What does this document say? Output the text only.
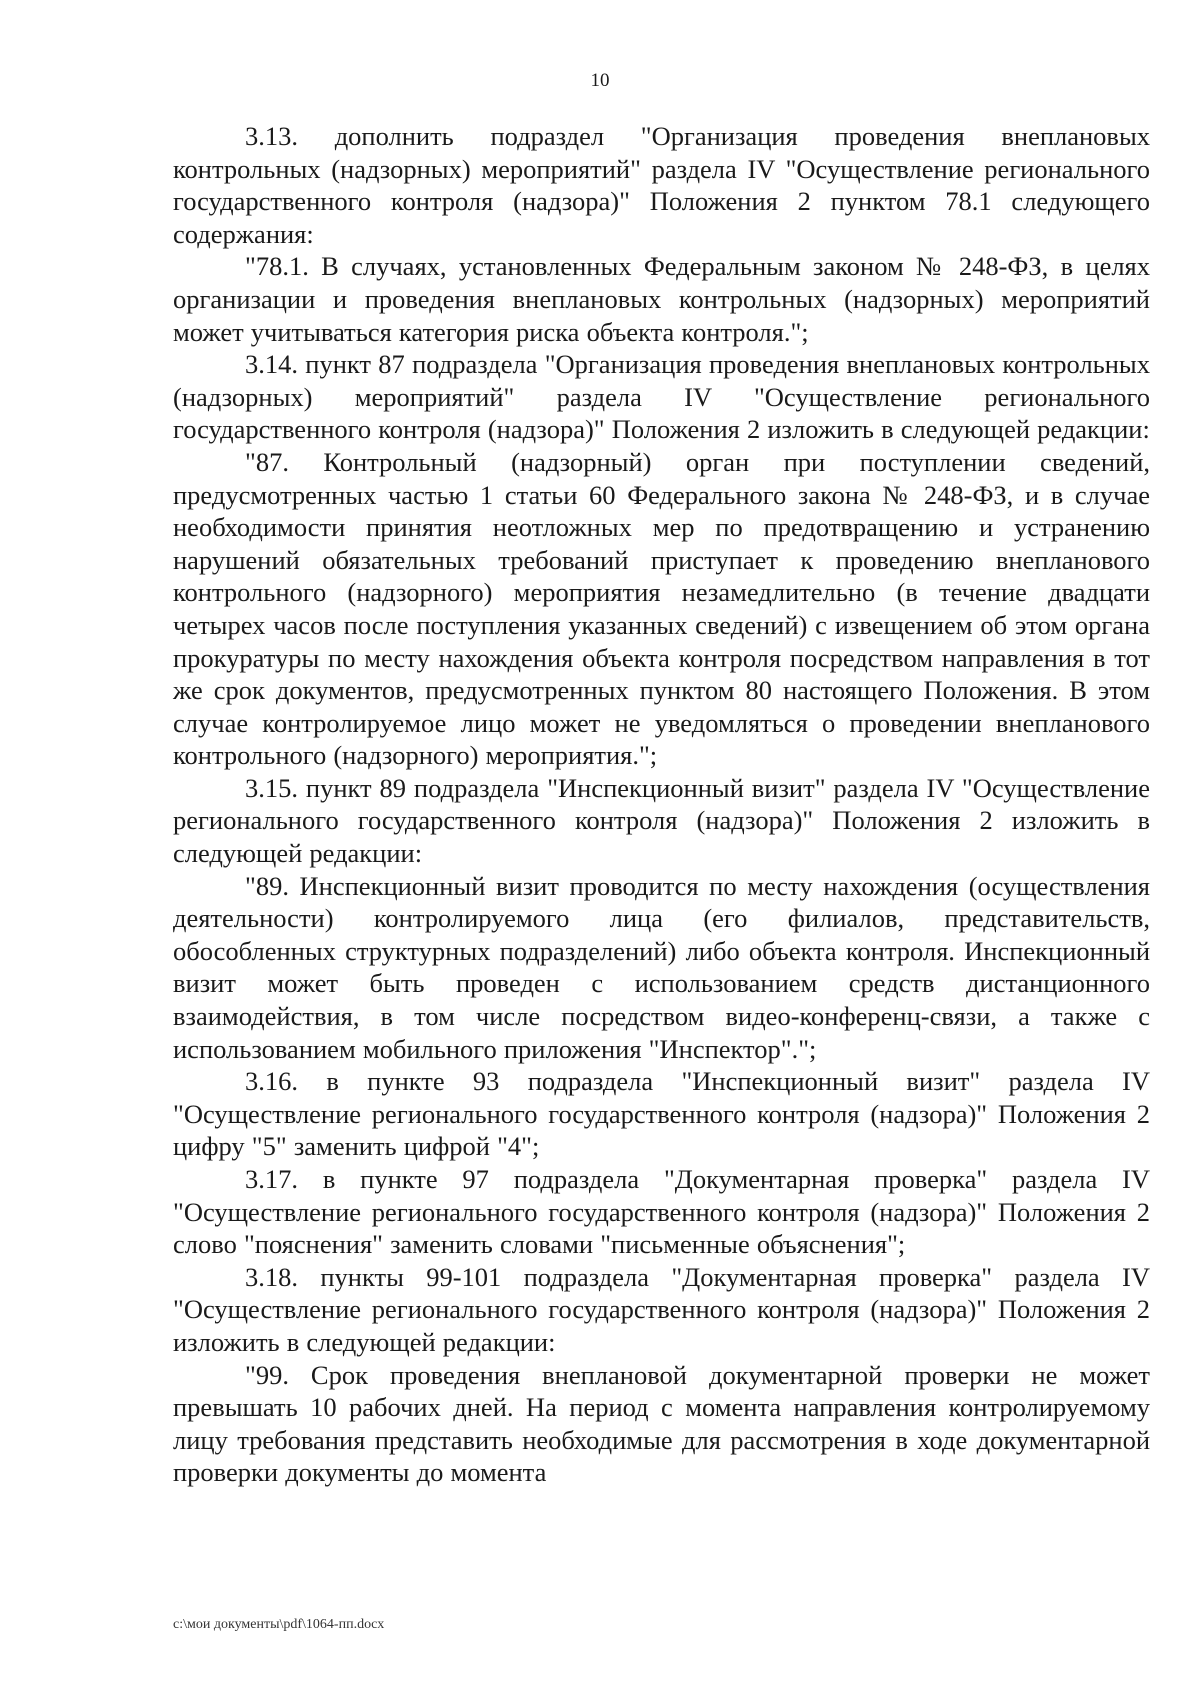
10

3.13. дополнить подраздел "Организация проведения внеплановых контрольных (надзорных) мероприятий" раздела IV "Осуществление регионального государственного контроля (надзора)" Положения 2 пунктом 78.1 следующего содержания:

"78.1. В случаях, установленных Федеральным законом № 248-ФЗ, в целях организации и проведения внеплановых контрольных (надзорных) мероприятий может учитываться категория риска объекта контроля.";

3.14. пункт 87 подраздела "Организация проведения внеплановых контрольных (надзорных) мероприятий" раздела IV "Осуществление регионального государственного контроля (надзора)" Положения 2 изложить в следующей редакции:

"87. Контрольный (надзорный) орган при поступлении сведений, предусмотренных частью 1 статьи 60 Федерального закона № 248-ФЗ, и в случае необходимости принятия неотложных мер по предотвращению и устранению нарушений обязательных требований приступает к проведению внепланового контрольного (надзорного) мероприятия незамедлительно (в течение двадцати четырех часов после поступления указанных сведений) с извещением об этом органа прокуратуры по месту нахождения объекта контроля посредством направления в тот же срок документов, предусмотренных пунктом 80 настоящего Положения. В этом случае контролируемое лицо может не уведомляться о проведении внепланового контрольного (надзорного) мероприятия.";

3.15. пункт 89 подраздела "Инспекционный визит" раздела IV "Осуществление регионального государственного контроля (надзора)" Положения 2 изложить в следующей редакции:

"89. Инспекционный визит проводится по месту нахождения (осуществления деятельности) контролируемого лица (его филиалов, представительств, обособленных структурных подразделений) либо объекта контроля. Инспекционный визит может быть проведен с использованием средств дистанционного взаимодействия, в том числе посредством видео-конференц-связи, а также с использованием мобильного приложения "Инспектор".";

3.16. в пункте 93 подраздела "Инспекционный визит" раздела IV "Осуществление регионального государственного контроля (надзора)" Положения 2 цифру "5" заменить цифрой "4";

3.17. в пункте 97 подраздела "Документарная проверка" раздела IV "Осуществление регионального государственного контроля (надзора)" Положения 2 слово "пояснения" заменить словами "письменные объяснения";

3.18. пункты 99-101 подраздела "Документарная проверка" раздела IV "Осуществление регионального государственного контроля (надзора)" Положения 2 изложить в следующей редакции:

"99. Срок проведения внеплановой документарной проверки не может превышать 10 рабочих дней. На период с момента направления контролируемому лицу требования представить необходимые для рассмотрения в ходе документарной проверки документы до момента

c:\мои документы\pdf\1064-пп.docx
